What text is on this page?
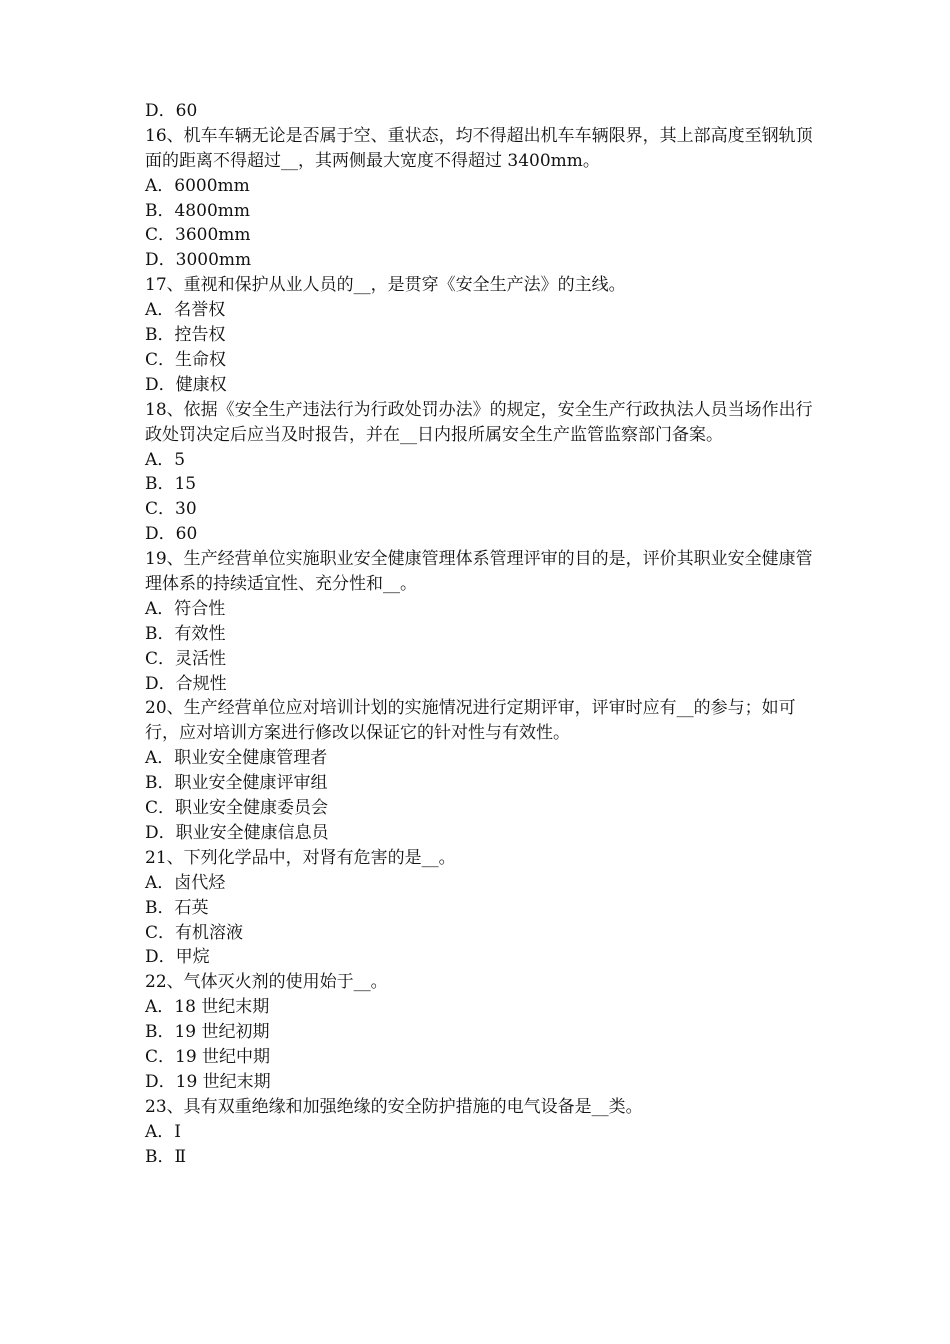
D．60
16、机车车辆无论是否属于空、重状态，均不得超出机车车辆限界，其上部高度至钢轨顶面的距离不得超过__，其两侧最大宽度不得超过 3400mm。
A．6000mm
B．4800mm
C．3600mm
D．3000mm
17、重视和保护从业人员的__，是贯穿《安全生产法》的主线。
A．名誉权
B．控告权
C．生命权
D．健康权
18、依据《安全生产违法行为行政处罚办法》的规定，安全生产行政执法人员当场作出行政处罚决定后应当及时报告，并在__日内报所属安全生产监管监察部门备案。
A．5
B．15
C．30
D．60
19、生产经营单位实施职业安全健康管理体系管理评审的目的是，评价其职业安全健康管理体系的持续适宜性、充分性和__。
A．符合性
B．有效性
C．灵活性
D．合规性
20、生产经营单位应对培训计划的实施情况进行定期评审，评审时应有__的参与；如可行，应对培训方案进行修改以保证它的针对性与有效性。
A．职业安全健康管理者
B．职业安全健康评审组
C．职业安全健康委员会
D．职业安全健康信息员
21、下列化学品中，对肾有危害的是__。
A．卤代烃
B．石英
C．有机溶液
D．甲烷
22、气体灭火剂的使用始于__。
A．18 世纪末期
B．19 世纪初期
C．19 世纪中期
D．19 世纪末期
23、具有双重绝缘和加强绝缘的安全防护措施的电气设备是__类。
A．Ⅰ
B．Ⅱ
